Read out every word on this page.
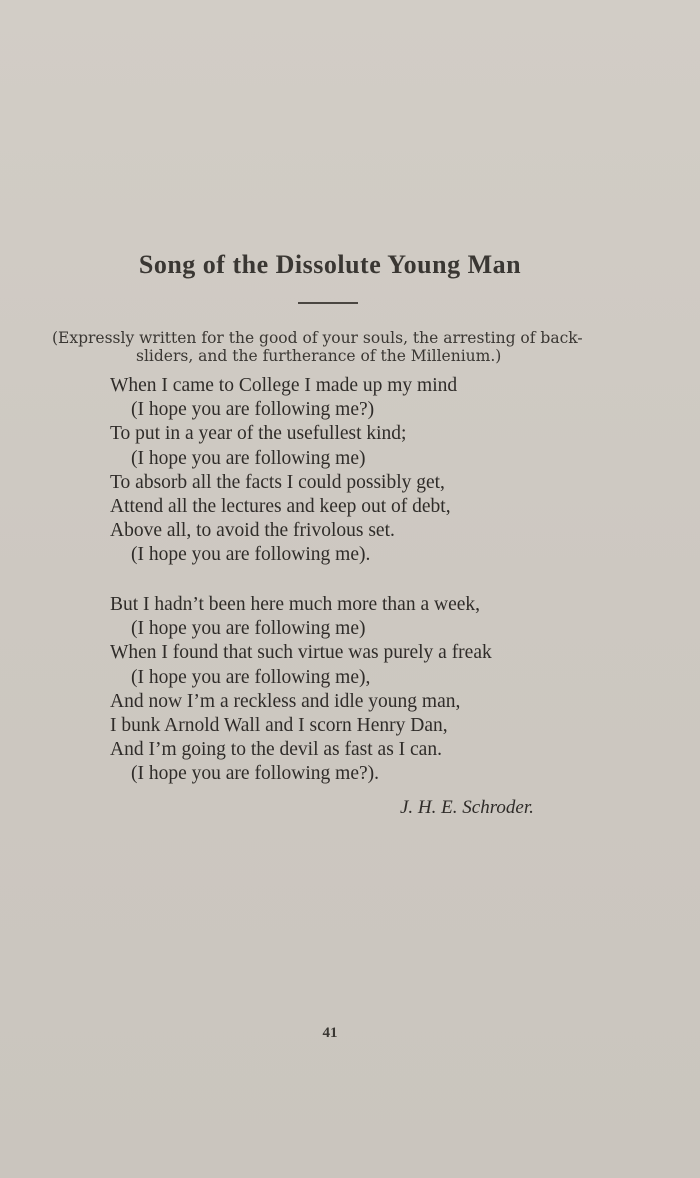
Song of the Dissolute Young Man
(Expressly written for the good of your souls, the arresting of back-
sliders, and the furtherance of the Millenium.)
When I came to College I made up my mind
(I hope you are following me?)
To put in a year of the usefullest kind;
(I hope you are following me)
To absorb all the facts I could possibly get,
Attend all the lectures and keep out of debt,
Above all, to avoid the frivolous set.
(I hope you are following me).
But I hadn’t been here much more than a week,
(I hope you are following me)
When I found that such virtue was purely a freak
(I hope you are following me),
And now I’m a reckless and idle young man,
I bunk Arnold Wall and I scorn Henry Dan,
And I’m going to the devil as fast as I can.
(I hope you are following me?).
J. H. E. Schroder.
41
